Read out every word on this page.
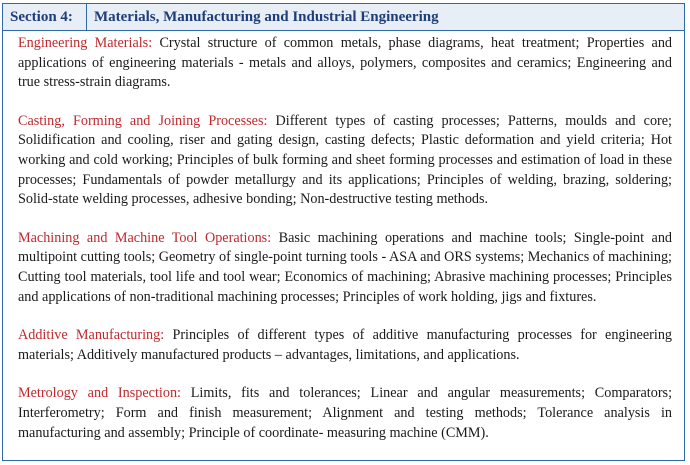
Section 4:	Materials, Manufacturing and Industrial Engineering

Engineering Materials: Crystal structure of common metals, phase diagrams, heat treatment; Properties and applications of engineering materials - metals and alloys, polymers, composites and ceramics; Engineering and true stress-strain diagrams.

Casting, Forming and Joining Processes: Different types of casting processes; Patterns, moulds and core; Solidification and cooling, riser and gating design, casting defects; Plastic deformation and yield criteria; Hot working and cold working; Principles of bulk forming and sheet forming processes and estimation of load in these processes; Fundamentals of powder metallurgy and its applications; Principles of welding, brazing, soldering; Solid-state welding processes, adhesive bonding; Non-destructive testing methods.

Machining and Machine Tool Operations: Basic machining operations and machine tools; Single-point and multipoint cutting tools; Geometry of single-point turning tools - ASA and ORS systems; Mechanics of machining; Cutting tool materials, tool life and tool wear; Economics of machining; Abrasive machining processes; Principles and applications of non-traditional machining processes; Principles of work holding, jigs and fixtures.

Additive Manufacturing: Principles of different types of additive manufacturing processes for engineering materials; Additively manufactured products – advantages, limitations, and applications.

Metrology and Inspection: Limits, fits and tolerances; Linear and angular measurements; Comparators; Interferometry; Form and finish measurement; Alignment and testing methods; Tolerance analysis in manufacturing and assembly; Principle of coordinate- measuring machine (CMM).
